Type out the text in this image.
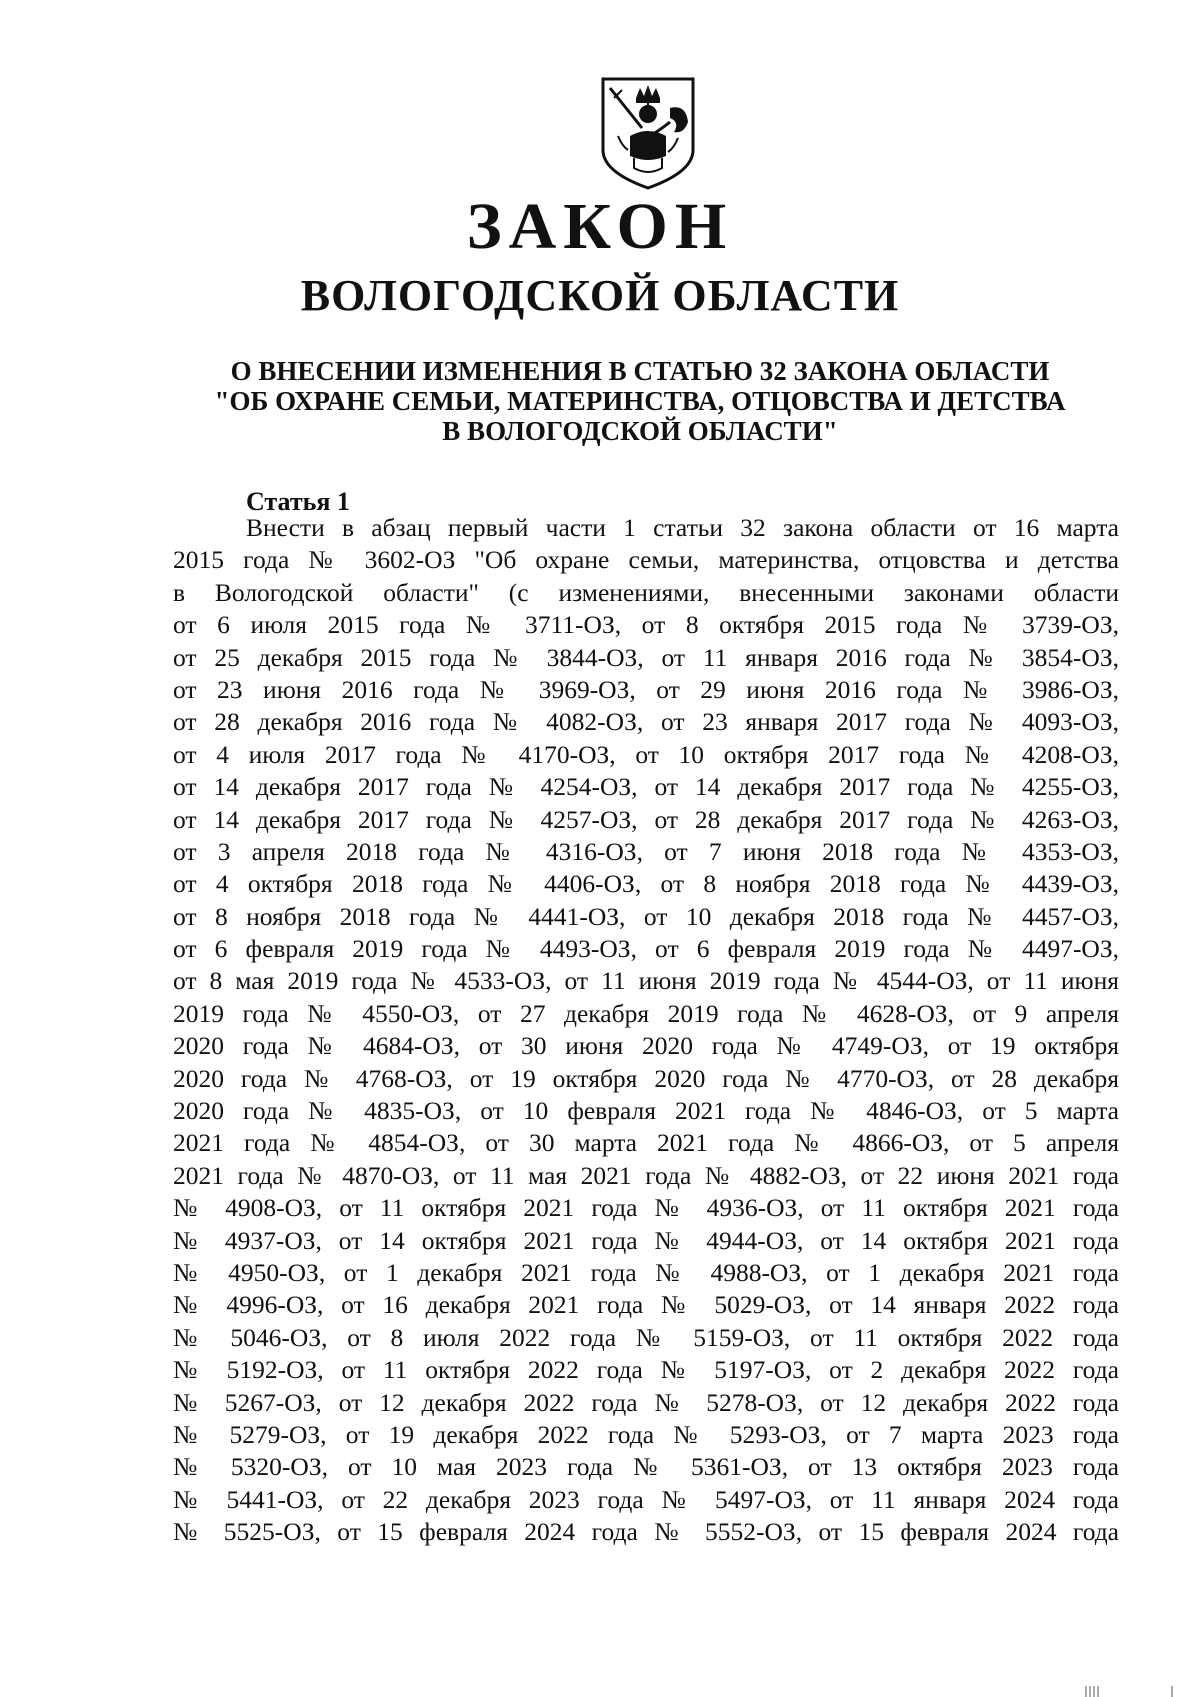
ЗАКОН
ВОЛОГОДСКОЙ ОБЛАСТИ
О ВНЕСЕНИИ ИЗМЕНЕНИЯ В СТАТЬЮ 32 ЗАКОНА ОБЛАСТИ
"ОБ ОХРАНЕ СЕМЬИ, МАТЕРИНСТВА, ОТЦОВСТВА И ДЕТСТВА
В ВОЛОГОДСКОЙ ОБЛАСТИ"
Статья 1
Внести в абзац первый части 1 статьи 32 закона области от 16 марта
2015 года № 3602-ОЗ "Об охране семьи, материнства, отцовства и детства
в Вологодской области" (с изменениями, внесенными законами области
от 6 июля 2015 года № 3711-ОЗ, от 8 октября 2015 года № 3739-ОЗ,
от 25 декабря 2015 года № 3844-ОЗ, от 11 января 2016 года № 3854-ОЗ,
от 23 июня 2016 года № 3969-ОЗ, от 29 июня 2016 года № 3986-ОЗ,
от 28 декабря 2016 года № 4082-ОЗ, от 23 января 2017 года № 4093-ОЗ,
от 4 июля 2017 года № 4170-ОЗ, от 10 октября 2017 года № 4208-ОЗ,
от 14 декабря 2017 года № 4254-ОЗ, от 14 декабря 2017 года № 4255-ОЗ,
от 14 декабря 2017 года № 4257-ОЗ, от 28 декабря 2017 года № 4263-ОЗ,
от 3 апреля 2018 года № 4316-ОЗ, от 7 июня 2018 года № 4353-ОЗ,
от 4 октября 2018 года № 4406-ОЗ, от 8 ноября 2018 года № 4439-ОЗ,
от 8 ноября 2018 года № 4441-ОЗ, от 10 декабря 2018 года № 4457-ОЗ,
от 6 февраля 2019 года № 4493-ОЗ, от 6 февраля 2019 года № 4497-ОЗ,
от 8 мая 2019 года № 4533-ОЗ, от 11 июня 2019 года № 4544-ОЗ, от 11 июня
2019 года № 4550-ОЗ, от 27 декабря 2019 года № 4628-ОЗ, от 9 апреля
2020 года № 4684-ОЗ, от 30 июня 2020 года № 4749-ОЗ, от 19 октября
2020 года № 4768-ОЗ, от 19 октября 2020 года № 4770-ОЗ, от 28 декабря
2020 года № 4835-ОЗ, от 10 февраля 2021 года № 4846-ОЗ, от 5 марта
2021 года № 4854-ОЗ, от 30 марта 2021 года № 4866-ОЗ, от 5 апреля
2021 года № 4870-ОЗ, от 11 мая 2021 года № 4882-ОЗ, от 22 июня 2021 года
№ 4908-ОЗ, от 11 октября 2021 года № 4936-ОЗ, от 11 октября 2021 года
№ 4937-ОЗ, от 14 октября 2021 года № 4944-ОЗ, от 14 октября 2021 года
№ 4950-ОЗ, от 1 декабря 2021 года № 4988-ОЗ, от 1 декабря 2021 года
№ 4996-ОЗ, от 16 декабря 2021 года № 5029-ОЗ, от 14 января 2022 года
№ 5046-ОЗ, от 8 июля 2022 года № 5159-ОЗ, от 11 октября 2022 года
№ 5192-ОЗ, от 11 октября 2022 года № 5197-ОЗ, от 2 декабря 2022 года
№ 5267-ОЗ, от 12 декабря 2022 года № 5278-ОЗ, от 12 декабря 2022 года
№ 5279-ОЗ, от 19 декабря 2022 года № 5293-ОЗ, от 7 марта 2023 года
№ 5320-ОЗ, от 10 мая 2023 года № 5361-ОЗ, от 13 октября 2023 года
№ 5441-ОЗ, от 22 декабря 2023 года № 5497-ОЗ, от 11 января 2024 года
№ 5525-ОЗ, от 15 февраля 2024 года № 5552-ОЗ, от 15 февраля 2024 года
